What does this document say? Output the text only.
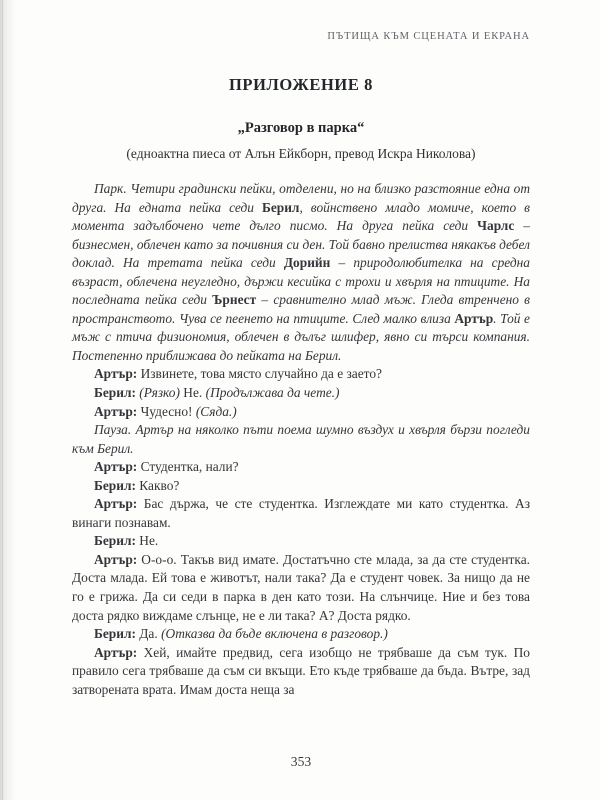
ПЪТИЩА КЪМ СЦЕНАТА И ЕКРАНА
ПРИЛОЖЕНИЕ 8
„Разговор в парка“
(едноактна пиеса от Алън Ейкборн, превод Искра Николова)

Парк. Четири градински пейки, отделени, но на близко разстояние една от друга. На едната пейка седи Берил, войнствено младо момиче, което в момента задълбочено чете дълго писмо. На друга пейка седи Чарлс – бизнесмен, облечен като за почивния си ден. Той бавно прелиства някакъв дебел доклад. На третата пейка седи Дорийн – природолюбителка на средна възраст, облечена неугледно, държи кесийка с трохи и хвърля на птиците. На последната пейка седи Ърнест – сравнително млад мъж. Гледа втренчено в пространството. Чува се пеенето на птиците. След малко влиза Артър. Той е мъж с птича физиономия, облечен в дълъг шлифер, явно си търси компания. Постепенно приближава до пейката на Берил.

Артър: Извинете, това място случайно да е заето?

Берил: (Рязко) Не. (Продължава да чете.)

Артър: Чудесно! (Сяда.)

Пауза. Артър на няколко пъти поема шумно въздух и хвърля бързи погледи към Берил.

Артър: Студентка, нали?

Берил: Какво?

Артър: Бас държа, че сте студентка. Изглеждате ми като студентка. Аз винаги познавам.

Берил: Не.

Артър: О-о-о. Такъв вид имате. Достатъчно сте млада, за да сте студентка. Доста млада. Ей това е животът, нали така? Да е студент човек. За нищо да не го е грижа. Да си седи в парка в ден като този. На слънчице. Ние и без това доста рядко виждаме слънце, не е ли така? А? Доста рядко.

Берил: Да. (Отказва да бъде включена в разговор.)

Артър: Хей, имайте предвид, сега изобщо не трябваше да съм тук. По правило сега трябваше да съм си вкъщи. Ето къде трябваше да бъда. Вътре, зад затворената врата. Имам доста неща за

353
